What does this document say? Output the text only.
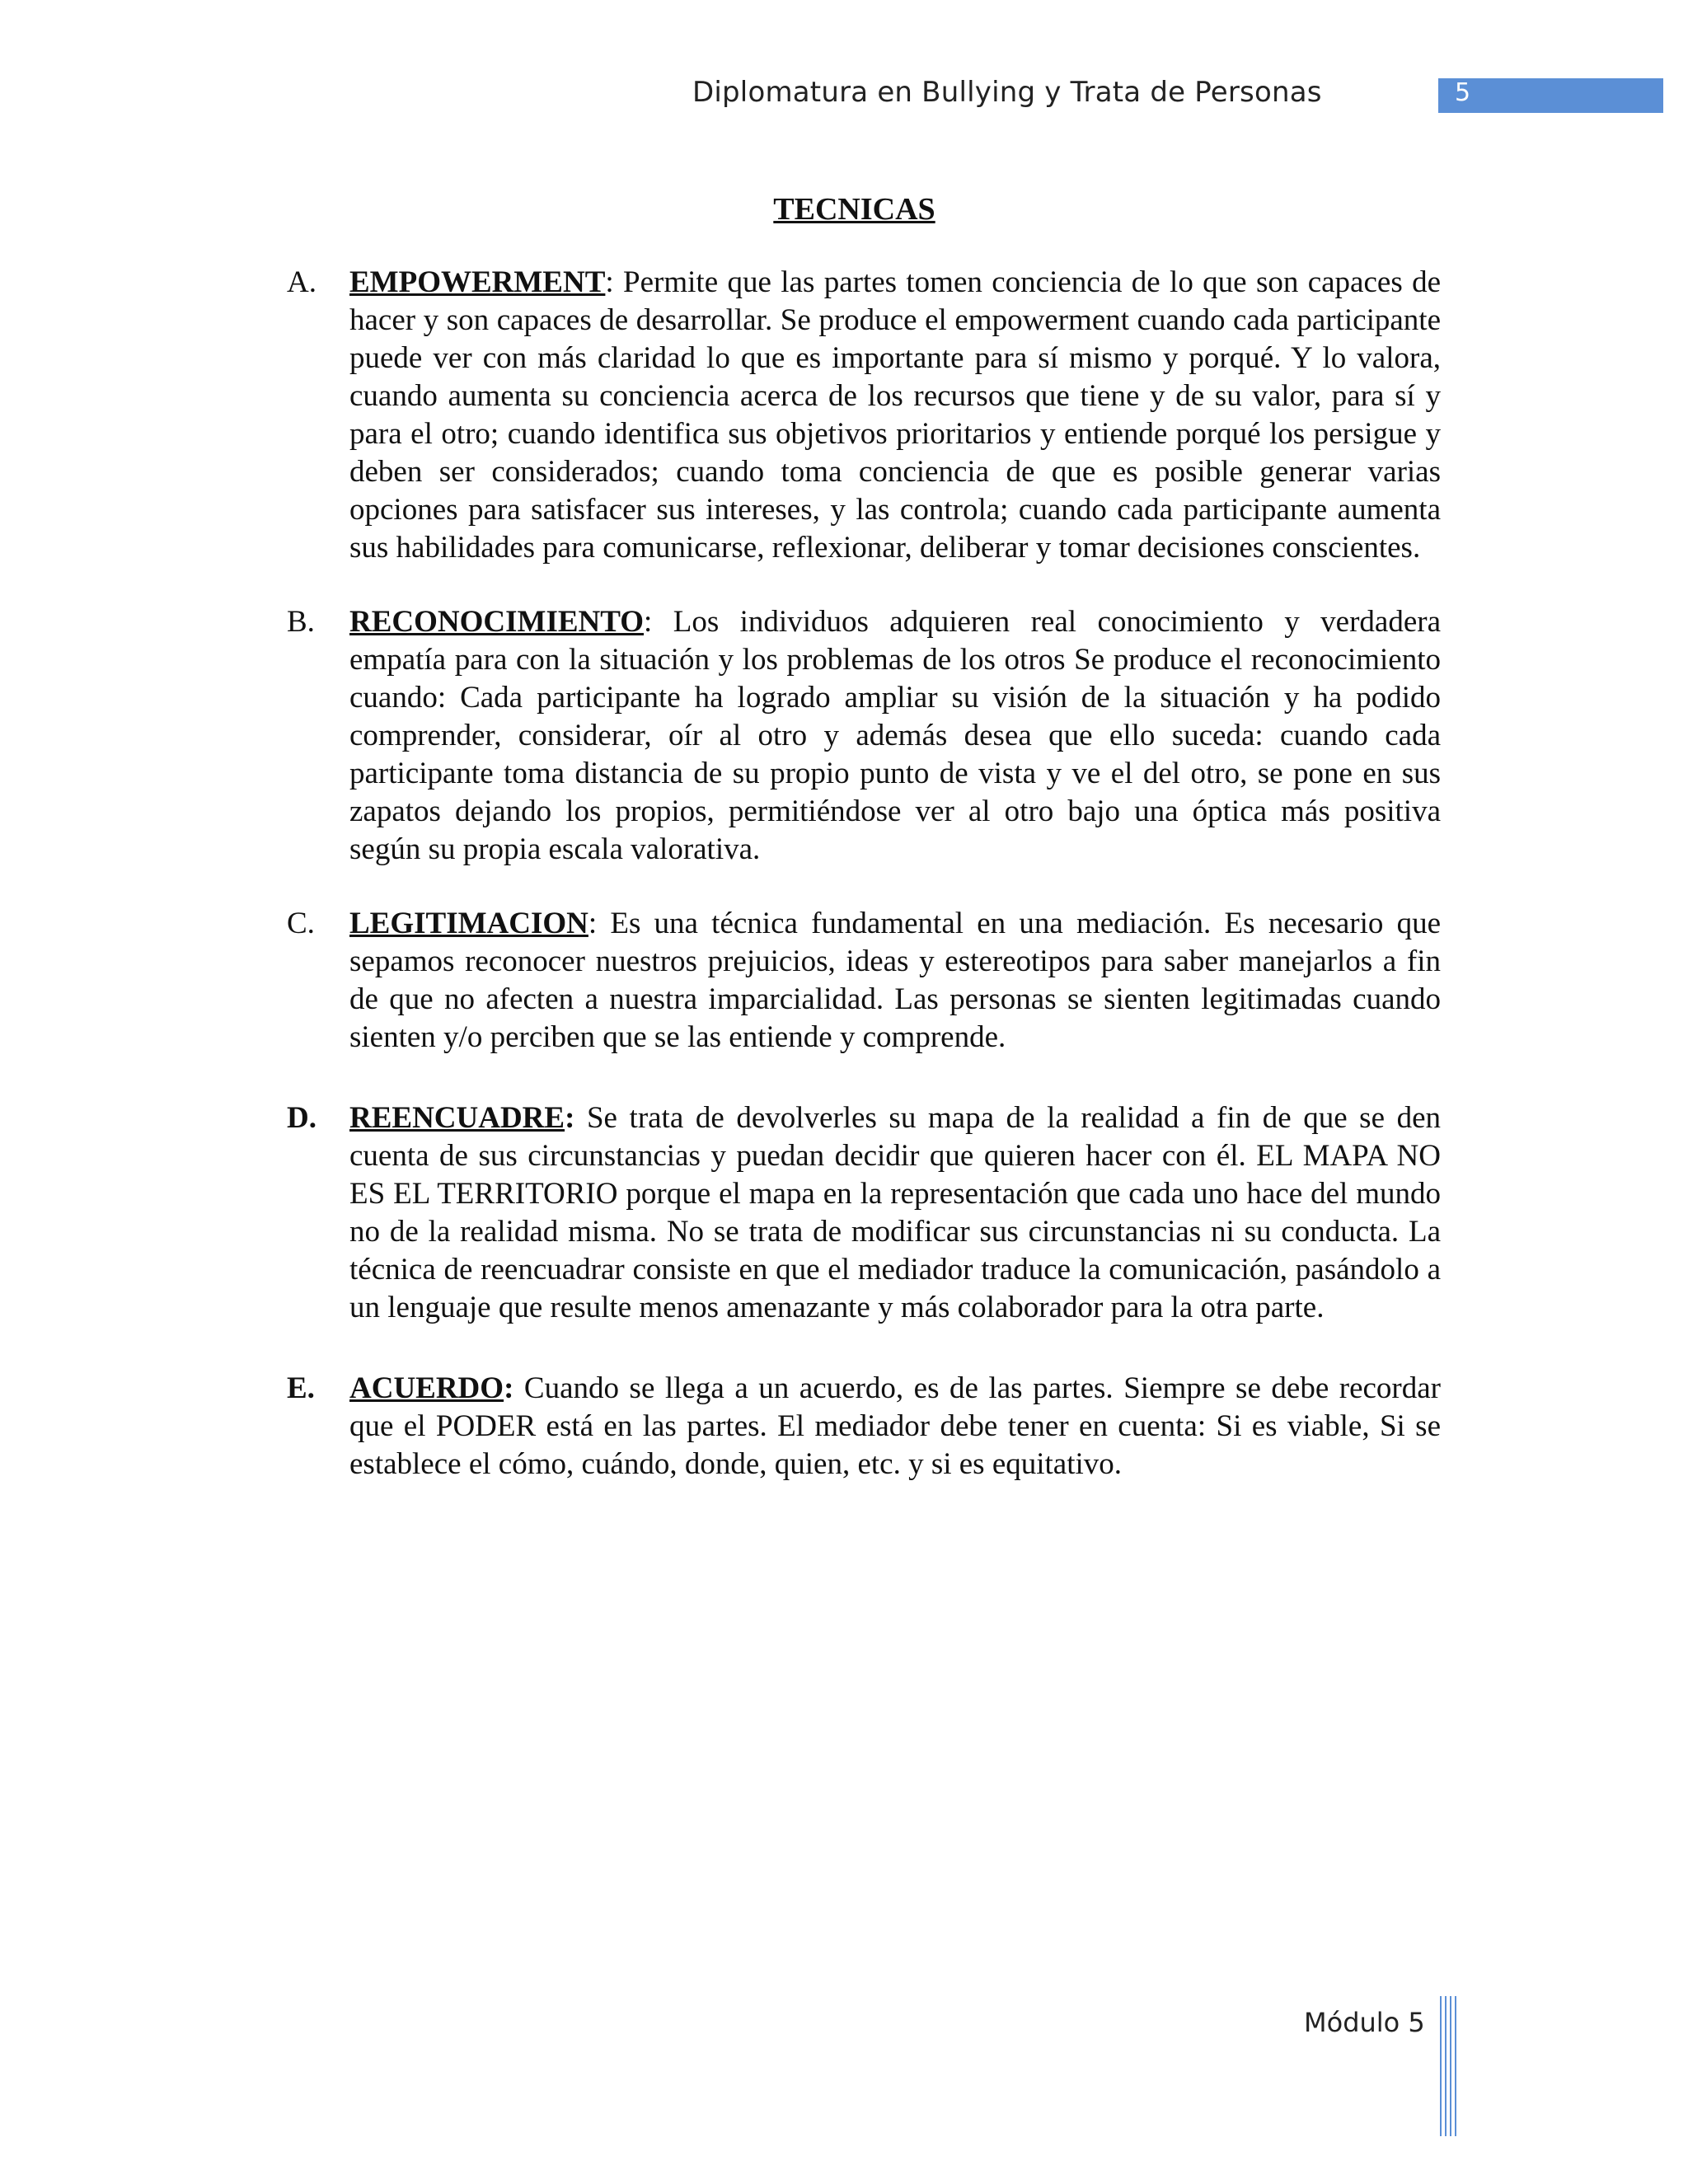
Diplomatura en Bullying y Trata de Personas	5
TECNICAS
A. EMPOWERMENT: Permite que las partes tomen conciencia de lo que son capaces de hacer y son capaces de desarrollar. Se produce el empowerment cuando cada participante puede ver con más claridad lo que es importante para sí mismo y porqué. Y lo valora, cuando aumenta su conciencia acerca de los recursos que tiene y de su valor, para sí y para el otro; cuando identifica sus objetivos prioritarios y entiende porqué los persigue y deben ser considerados; cuando toma conciencia de que es posible generar varias opciones para satisfacer sus intereses, y las controla; cuando cada participante aumenta sus habilidades para comunicarse, reflexionar, deliberar y tomar decisiones conscientes.

B. RECONOCIMIENTO: Los individuos adquieren real conocimiento y verdadera empatía para con la situación y los problemas de los otros Se produce el reconocimiento cuando: Cada participante ha logrado ampliar su visión de la situación y ha podido comprender, considerar, oír al otro y además desea que ello suceda: cuando cada participante toma distancia de su propio punto de vista y ve el del otro, se pone en sus zapatos dejando los propios, permitiéndose ver al otro bajo una óptica más positiva según su propia escala valorativa.

C. LEGITIMACION: Es una técnica fundamental en una mediación. Es necesario que sepamos reconocer nuestros prejuicios, ideas y estereotipos para saber manejarlos a fin de que no afecten a nuestra imparcialidad. Las personas se sienten legitimadas cuando sienten y/o perciben que se las entiende y comprende.

D. REENCUADRE: Se trata de devolverles su mapa de la realidad a fin de que se den cuenta de sus circunstancias y puedan decidir que quieren hacer con él. EL MAPA NO ES EL TERRITORIO porque el mapa en la representación que cada uno hace del mundo no de la realidad misma. No se trata de modificar sus circunstancias ni su conducta. La técnica de reencuadrar consiste en que el mediador traduce la comunicación, pasándolo a un lenguaje que resulte menos amenazante y más colaborador para la otra parte.

E. ACUERDO: Cuando se llega a un acuerdo, es de las partes. Siempre se debe recordar que el PODER está en las partes. El mediador debe tener en cuenta: Si es viable, Si se establece el cómo, cuándo, donde, quien, etc. y si es equitativo.

Módulo 5
